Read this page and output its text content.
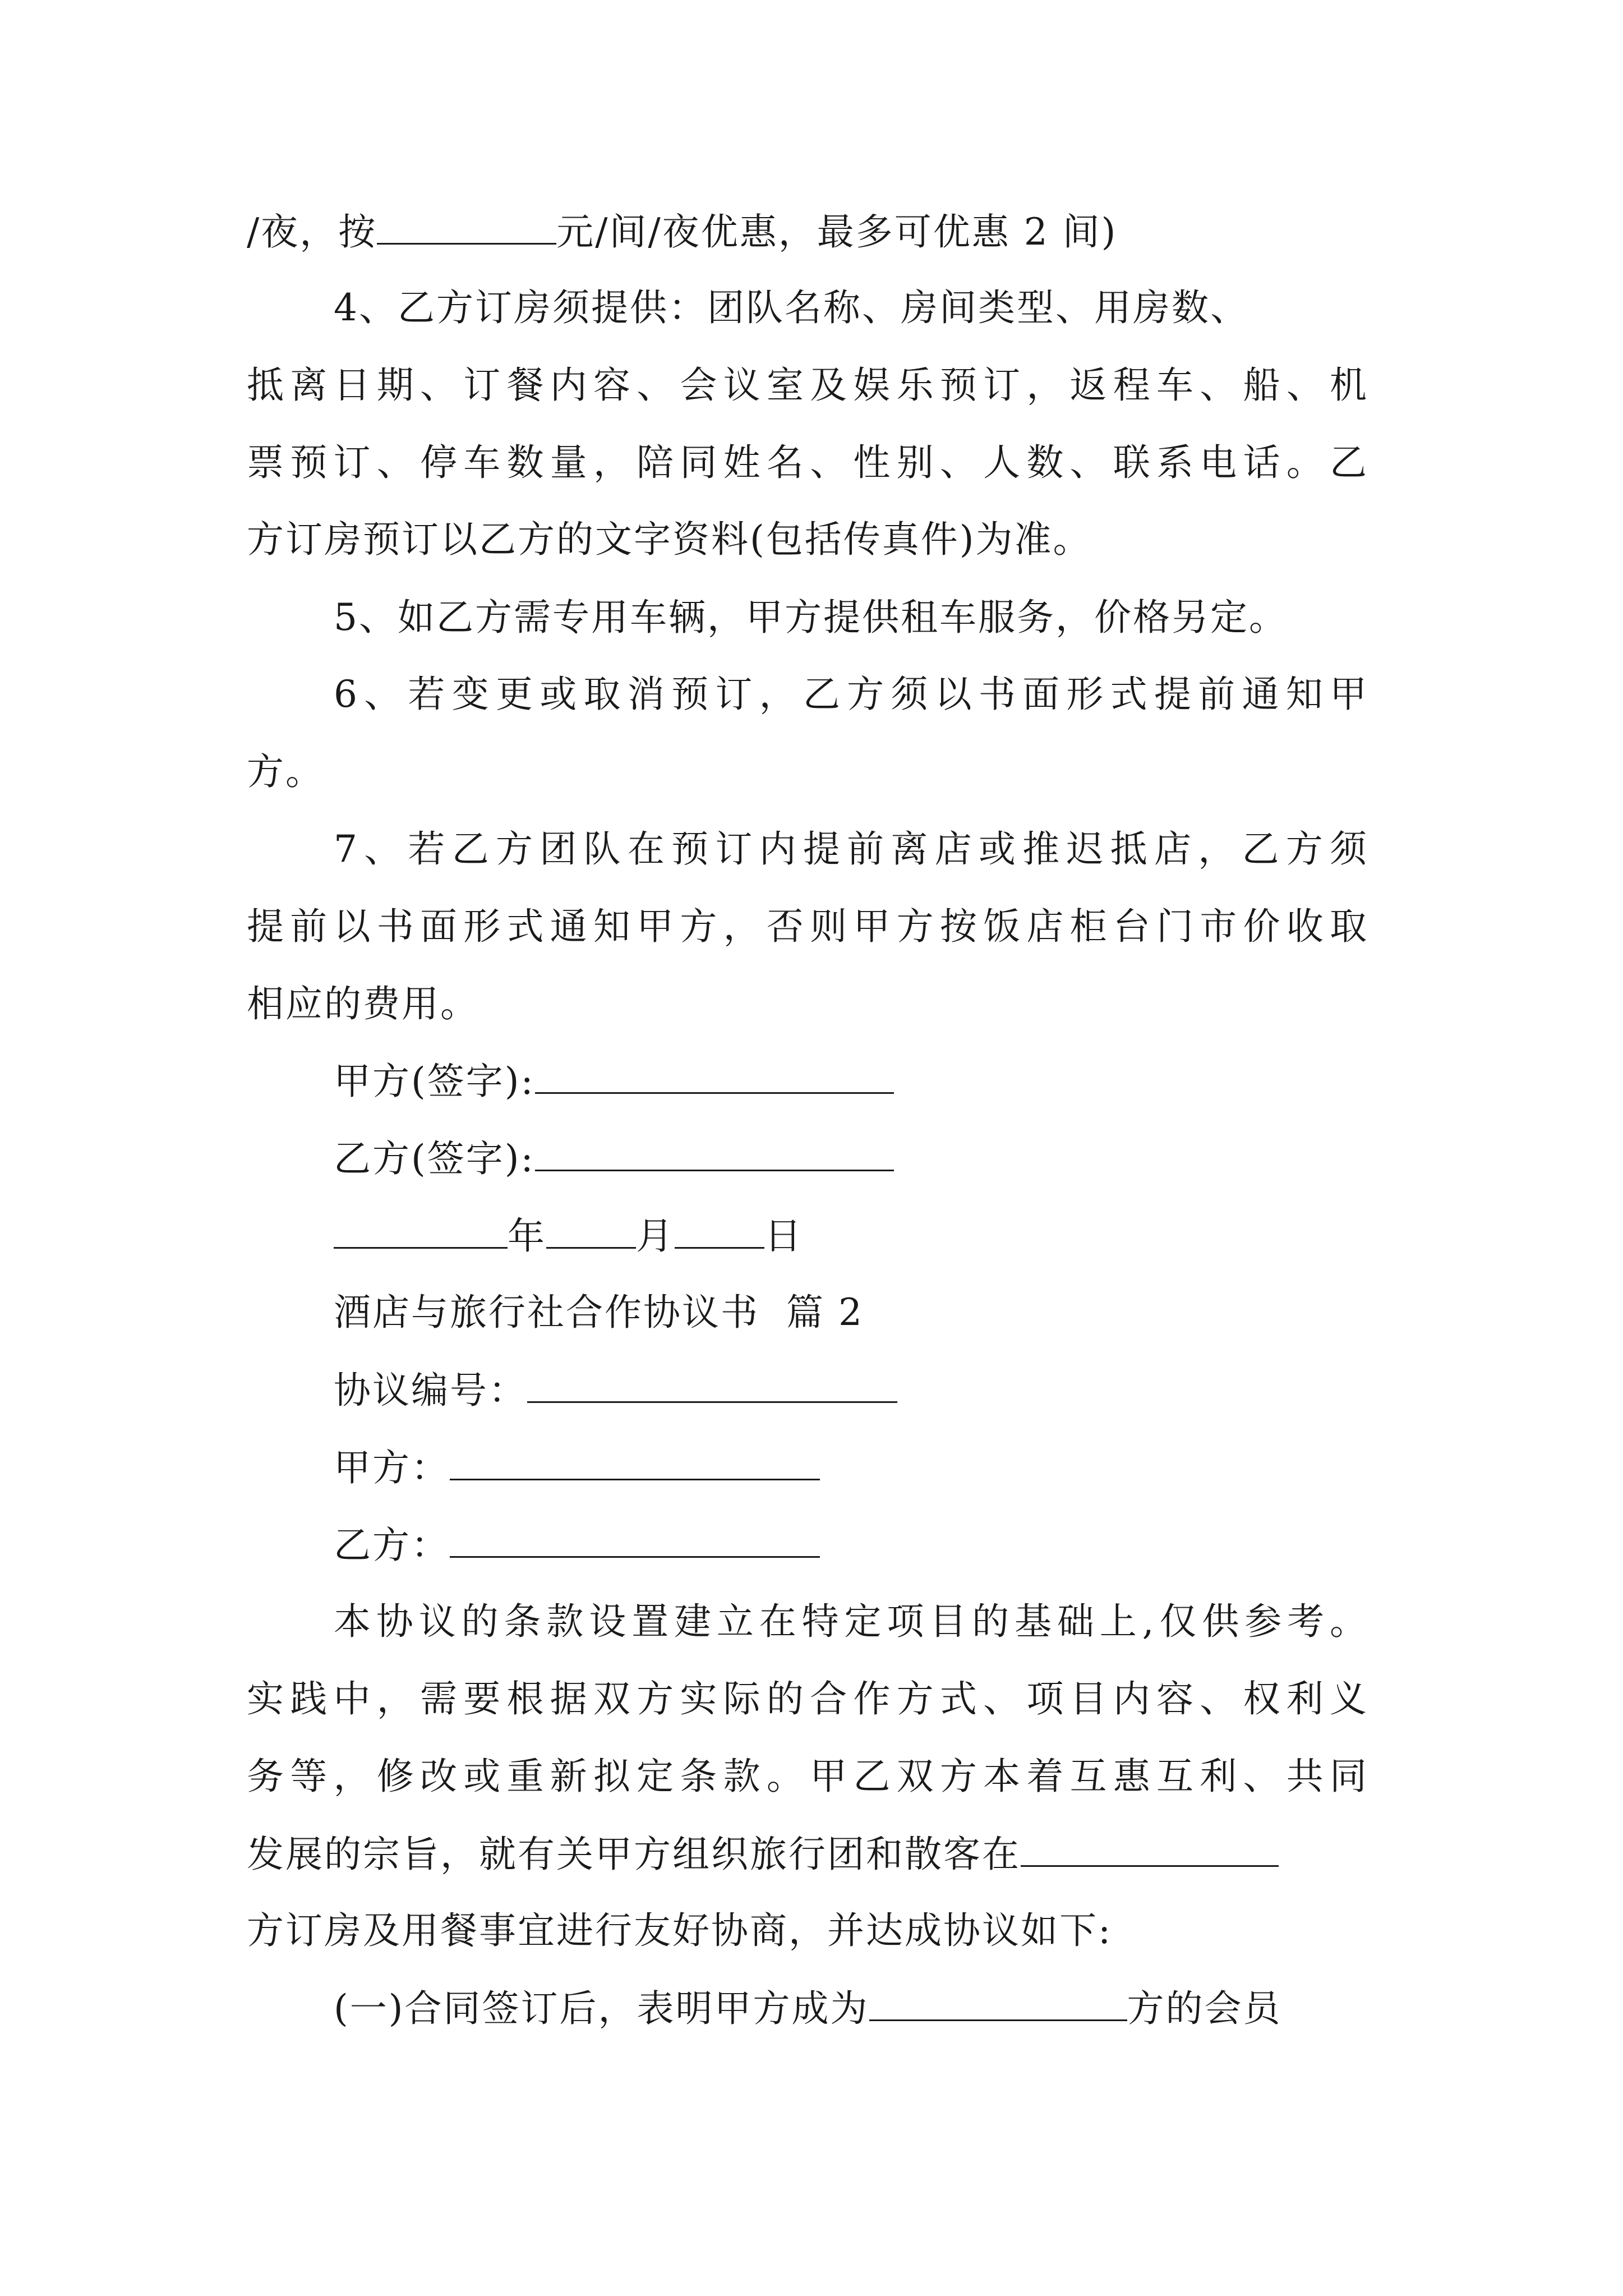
/夜，按	元/间/夜优惠，最多可优惠 2 间)
4、乙方订房须提供：团队名称、房间类型、用房数、
抵离日期、订餐内容、会议室及娱乐预订，返程车、船、机
票预订、停车数量，陪同姓名、性别、人数、联系电话。乙
方订房预订以乙方的文字资料(包括传真件)为准。
5、如乙方需专用车辆，甲方提供租车服务，价格另定。
6、若变更或取消预订，乙方须以书面形式提前通知甲
方。
7、若乙方团队在预订内提前离店或推迟抵店，乙方须
提前以书面形式通知甲方，否则甲方按饭店柜台门市价收取
相应的费用。
甲方(签字):
乙方(签字):
年 月 日
酒店与旅行社合作协议书  篇 2
协议编号：
甲方：
乙方：
本协议的条款设置建立在特定项目的基础上,仅供参考。
实践中，需要根据双方实际的合作方式、项目内容、权利义
务等，修改或重新拟定条款。甲乙双方本着互惠互利、共同
发展的宗旨，就有关甲方组织旅行团和散客在
方订房及用餐事宜进行友好协商，并达成协议如下:
(一)合同签订后，表明甲方成为	方的会员
